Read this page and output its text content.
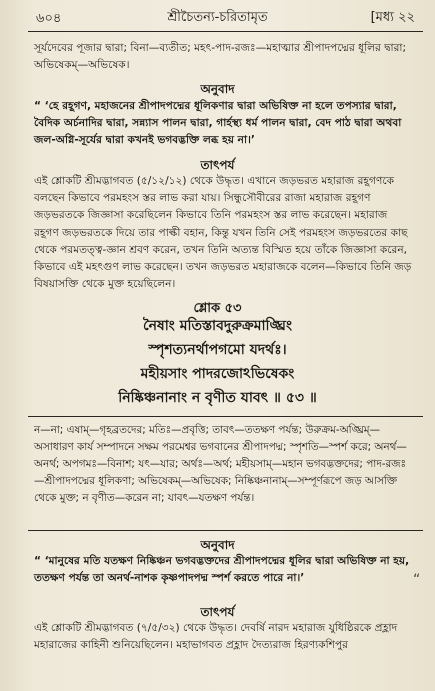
৬০৪	শ্রীচৈতন্য-চরিতামৃত	[মধ্য ২২

সূর্যদেবের পূজার দ্বারা; বিনা—ব্যতীত; মহৎ-পাদ-রজঃ—মহাত্মার শ্রীপাদপদ্মের ধূলির দ্বারা; অভিষেকম্—অভিষেক।

অনুবাদ

“ ‘হে রহূগণ, মহাজনের শ্রীপাদপদ্মের ধূলিকণার দ্বারা অভিষিক্ত না হলে তপস্যার দ্বারা, বৈদিক অর্চনাদির দ্বারা, সন্ন্যাস পালন দ্বারা, গার্হস্থ্য ধর্ম পালন দ্বারা, বেদ পাঠ দ্বারা অথবা জল-অগ্নি-সূর্যের দ্বারা কখনই ভগবদ্ভক্তি লব্ধ হয় না।’

তাৎপর্য

এই শ্লোকটি শ্রীমদ্ভাগবত (৫/১২/১২) থেকে উদ্ধৃত। এখানে জড়ভরত মহারাজ রহূগণকে বলছেন কিভাবে পরমহংস স্তর লাভ করা যায়। সিন্ধুসৌবীরের রাজা মহারাজ রহূগণ জড়ভরতকে জিজ্ঞাসা করেছিলেন কিভাবে তিনি পরমহংস স্তর লাভ করেছেন। মহারাজ রহূগণ জড়ভরতকে দিয়ে তার পাল্কী বহান, কিন্তু যখন তিনি সেই পরমহংস জড়ভরতের কাছ থেকে পরমতত্ত্ব-জ্ঞান শ্রবণ করেন, তখন তিনি অত্যন্ত বিস্মিত হয়ে তাঁকে জিজ্ঞাসা করেন, কিভাবে এই মহৎগুণ লাভ করেছেন। তখন জড়ভরত মহারাজকে বলেন—কিভাবে তিনি জড় বিষয়াসক্তি থেকে মুক্ত হয়েছিলেন।

শ্লোক ৫৩
নৈষাং মতিস্তাবদুরুক্রমাঙ্ঘ্রিং
স্পৃশত্যনর্থাপগমো যদর্থঃ।
মহীয়সাং পাদরজোঽভিষেকং
নিষ্কিঞ্চনানাং ন বৃণীত যাবৎ ॥ ৫৩ ॥

ন—না; এষাম্—গৃহব্রতদের; মতিঃ—প্রবৃত্তি; তাবৎ—ততক্ষণ পর্যন্ত; উরুক্রম-অঙ্ঘ্রিম্—অসাধারণ কার্য সম্পাদনে সক্ষম পরমেশ্বর ভগবানের শ্রীপাদপদ্ম; স্পৃশতি—স্পর্শ করে; অনর্থ—অনর্থ; অপগমঃ—বিনাশ; যৎ—যার; অর্থঃ—অর্থ; মহীয়সাম্—মহান ভগবদ্ভক্তদের; পাদ-রজঃ—শ্রীপাদপদ্মের ধূলিকণা; অভিষেকম্—অভিষেক; নিষ্কিঞ্চনানাম্—সম্পূর্ণরূপে জড় আসক্তি থেকে মুক্ত; ন বৃণীত—করেন না; যাবৎ—যতক্ষণ পর্যন্ত।

অনুবাদ

“ ‘মানুষের মতি যতক্ষণ নিষ্কিঞ্চন ভগবদ্ভক্তদের শ্রীপাদপদ্মের ধূলির দ্বারা অভিষিক্ত না হয়, ততক্ষণ পর্যন্ত তা অনর্থ-নাশক কৃষ্ণপাদপদ্ম স্পর্শ করতে পারে না।’	“
তাৎপর্য

এই শ্লোকটি শ্রীমদ্ভাগবত (৭/৫/৩২) থেকে উদ্ধৃত। দেবর্ষি নারদ মহারাজ যুধিষ্ঠিরকে প্রহ্লাদ মহারাজের কাহিনী শুনিয়েছিলেন। মহাভাগবত প্রহ্লাদ দৈত্যরাজ হিরণ্যকশিপুর
